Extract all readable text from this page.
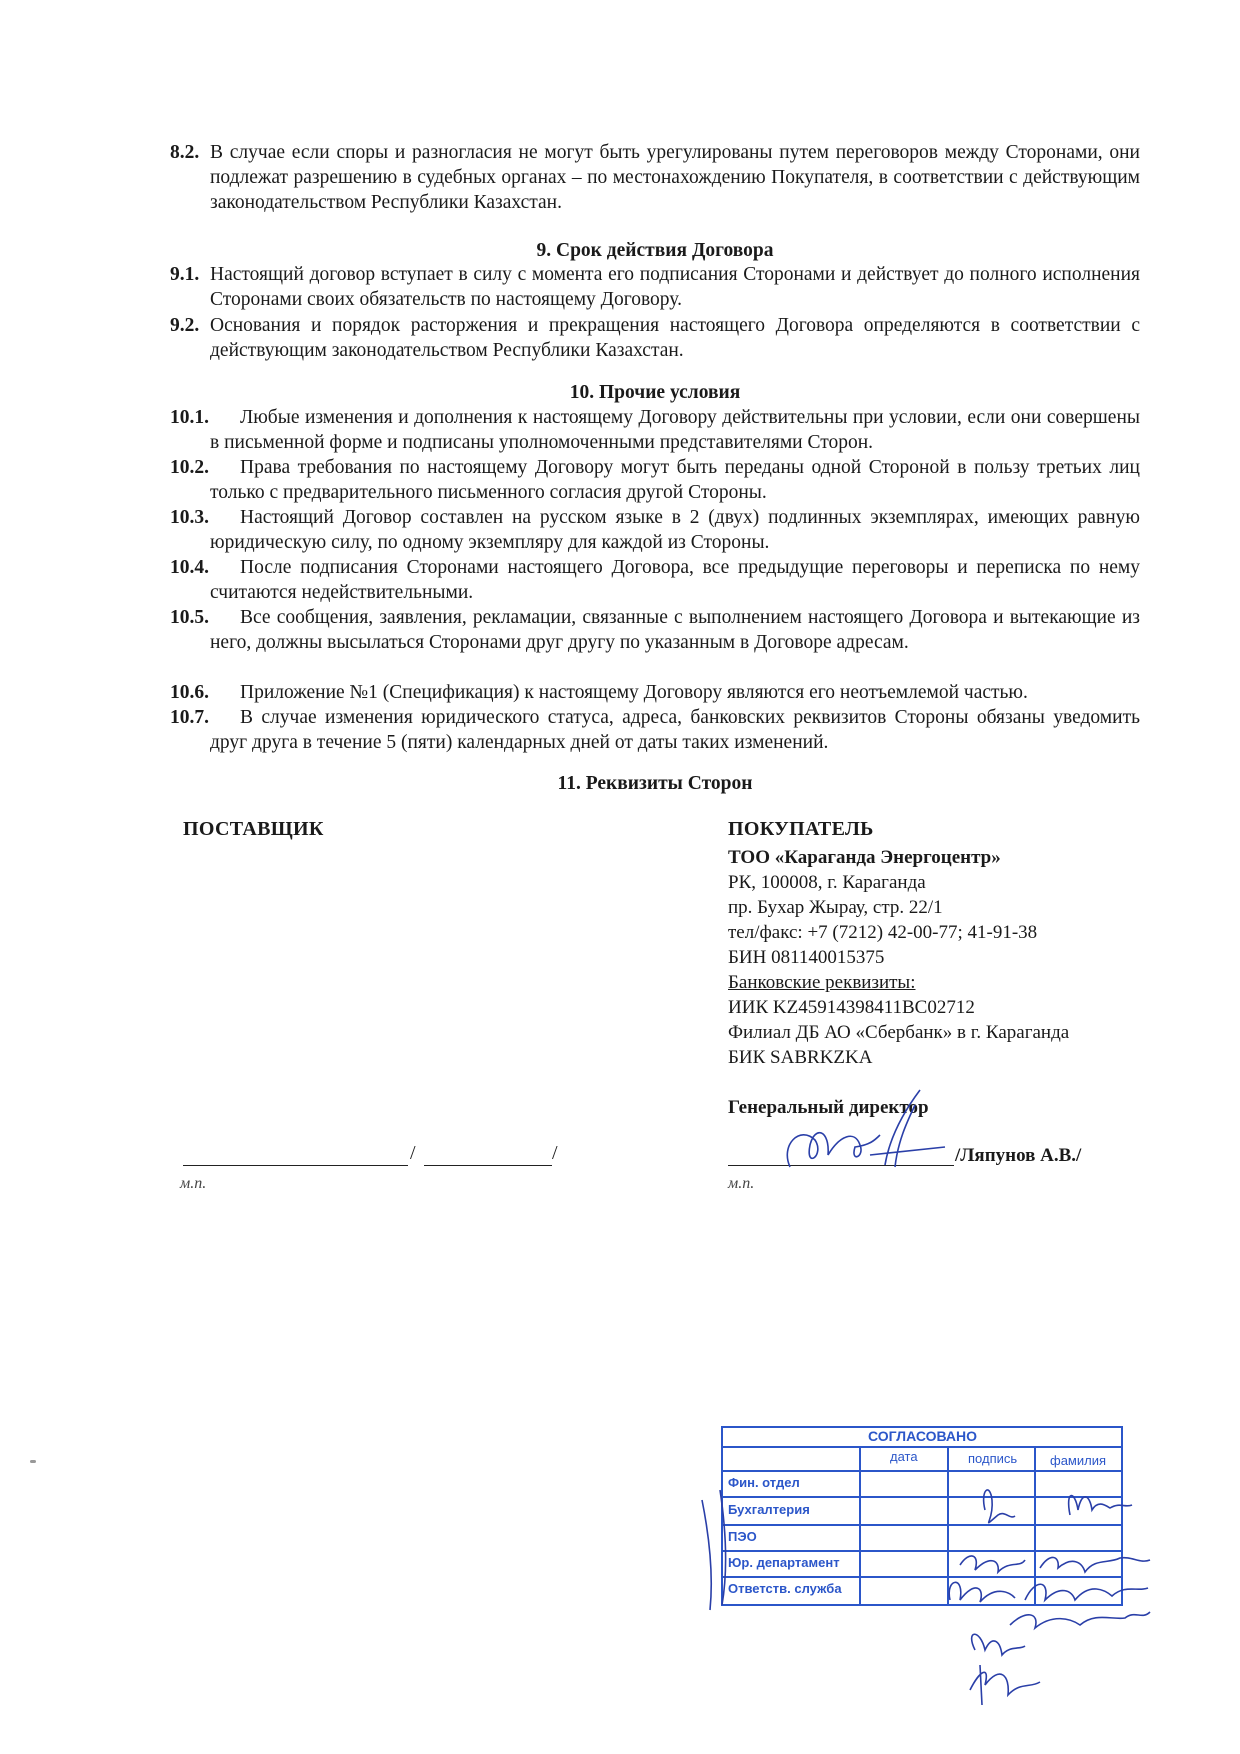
8.2. В случае если споры и разногласия не могут быть урегулированы путем переговоров между Сторонами, они подлежат разрешению в судебных органах – по местонахождению Покупателя, в соответствии с действующим законодательством Республики Казахстан.
9. Срок действия Договора
9.1. Настоящий договор вступает в силу с момента его подписания Сторонами и действует до полного исполнения Сторонами своих обязательств по настоящему Договору.
9.2. Основания и порядок расторжения и прекращения настоящего Договора определяются в соответствии с действующим законодательством Республики Казахстан.
10. Прочие условия
10.1.	Любые изменения и дополнения к настоящему Договору действительны при условии, если они совершены в письменной форме и подписаны уполномоченными представителями Сторон.
10.2.	Права требования по настоящему Договору могут быть переданы одной Стороной в пользу третьих лиц только с предварительного письменного согласия другой Стороны.
10.3.	Настоящий Договор составлен на русском языке в 2 (двух) подлинных экземплярах, имеющих равную юридическую силу, по одному экземпляру для каждой из Стороны.
10.4.	После подписания Сторонами настоящего Договора, все предыдущие переговоры и переписка по нему считаются недействительными.
10.5.	Все сообщения, заявления, рекламации, связанные с выполнением настоящего Договора и вытекающие из него, должны высылаться Сторонами друг другу по указанным в Договоре адресам.
10.6.	Приложение №1 (Спецификация) к настоящему Договору являются его неотъемлемой частью.
10.7.	В случае изменения юридического статуса, адреса, банковских реквизитов Стороны обязаны уведомить друг друга в течение 5 (пяти) календарных дней от даты таких изменений.
11. Реквизиты Сторон
ПОСТАВЩИК
/	/
м.п.
ПОКУПАТЕЛЬ
ТОО «Караганда Энергоцентр»
РК, 100008, г. Караганда
пр. Бухар Жырау, стр. 22/1
тел/факс: +7 (7212) 42-00-77; 41-91-38
БИН 081140015375
Банковские реквизиты:
ИИК KZ45914398411BC02712
Филиал ДБ АО «Сбербанк» в г. Караганда
БИК SABRKZKA
Генеральный директор
/Ляпунов А.В./
м.п.
СОГЛАСОВАНО
дата	подпись	фамилия
Фин. отдел
Бухгалтерия
ПЭО
Юр. департамент
Ответств. служба
